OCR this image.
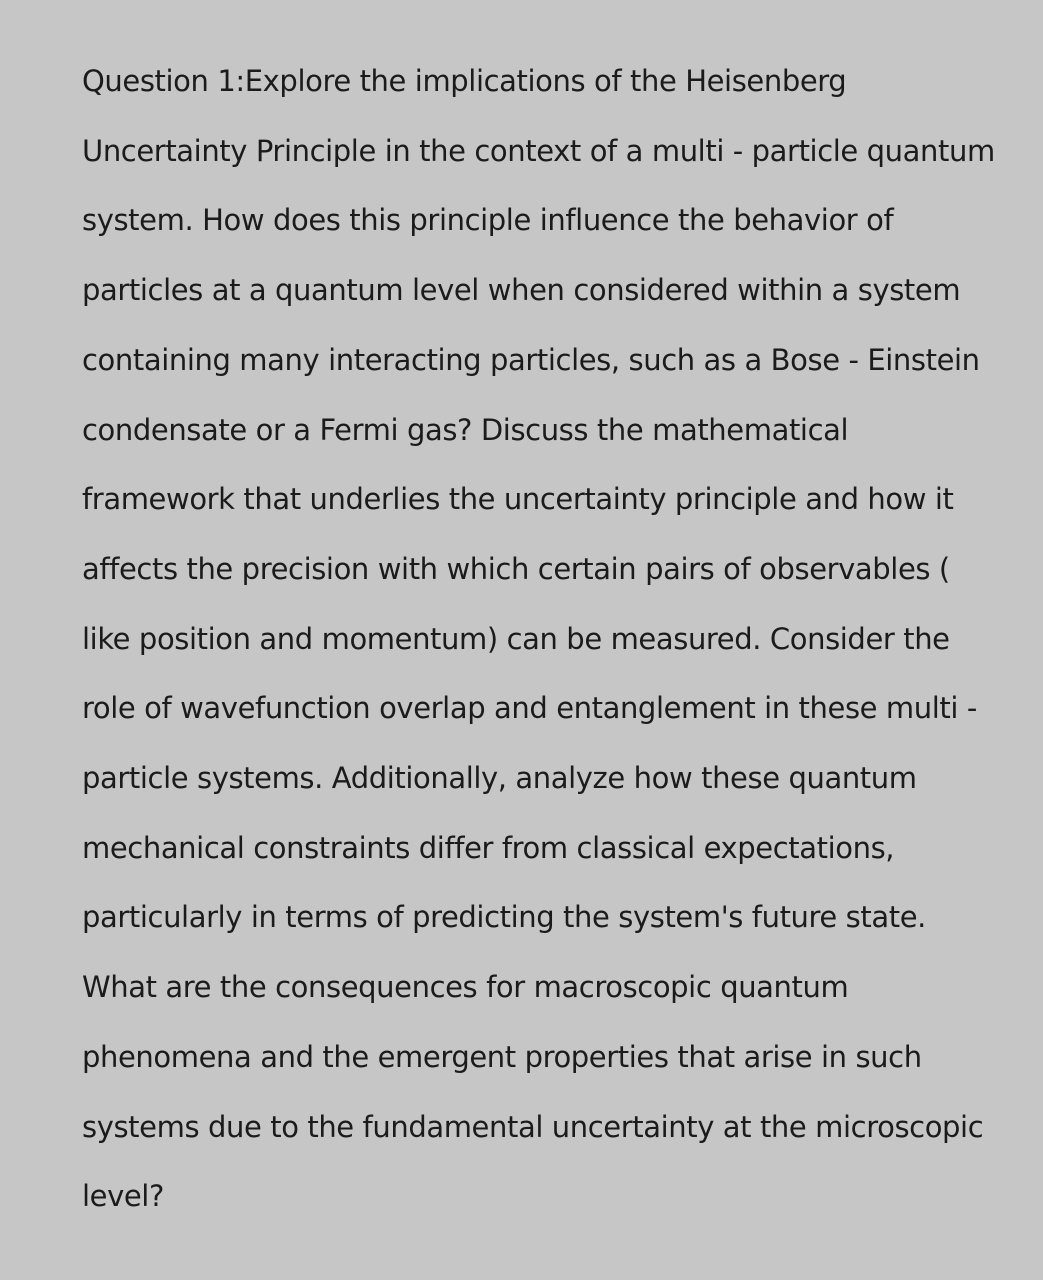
Question 1:Explore the implications of the Heisenberg
Uncertainty Principle in the context of a multi - particle quantum
system. How does this principle influence the behavior of
particles at a quantum level when considered within a system
containing many interacting particles, such as a Bose - Einstein
condensate or a Fermi gas? Discuss the mathematical
framework that underlies the uncertainty principle and how it
affects the precision with which certain pairs of observables (
like position and momentum) can be measured. Consider the
role of wavefunction overlap and entanglement in these multi -
particle systems. Additionally, analyze how these quantum
mechanical constraints differ from classical expectations,
particularly in terms of predicting the system's future state.
What are the consequences for macroscopic quantum
phenomena and the emergent properties that arise in such
systems due to the fundamental uncertainty at the microscopic
level?
